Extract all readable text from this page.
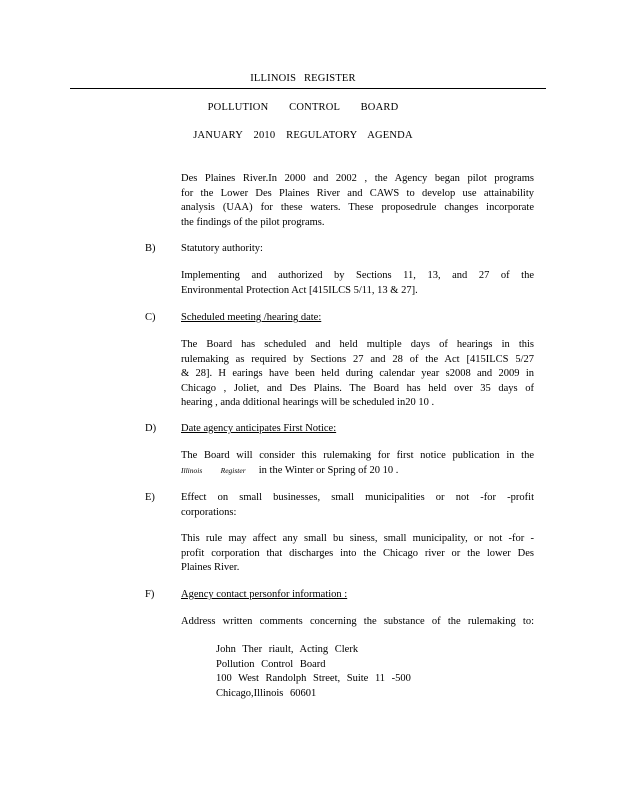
ILLINOIS REGISTER
POLLUTION CONTROL BOARD
JANUARY 2010 REGULATORY AGENDA
Des Plaines River.In 2000 and 2002 , the Agency began pilot programs
for the Lower Des Plaines River and CAWS to develop use attainability
analysis (UAA) for these waters. These proposedrule changes incorporate
the findings of the pilot programs.
B) Statutory authority:
Implementing and authorized by Sections 11, 13, and 27 of the
Environmental Protection Act [415ILCS 5/11, 13 & 27].
C) Scheduled meeting /hearing date:
The Board has scheduled and held multiple days of hearings in this
rulemaking as required by Sections 27 and 28 of the Act [415ILCS 5/27
& 28]. H earings have been held during calendar year s2008 and 2009 in
Chicago , Joliet, and Des Plains. The Board has held over 35 days of
hearing , anda dditional hearings will be scheduled in20 10 .
D) Date agency anticipates First Notice:
The Board will consider this rulemaking for first notice publication in the
Illinois Register in the Winter or Spring of 20 10 .
E) Effect on small businesses, small municipalities or not -for -profit
corporations:
This rule may affect any small bu siness, small municipality, or not -for -
profit corporation that discharges into the Chicago river or the lower Des
Plaines River.
F)	Agency contact personfor information :
Address written comments concerning the substance of the rulemaking to:
John Ther riault, Acting Clerk
Pollution Control Board
100 West Randolph Street, Suite 11 -500
Chicago,Illinois 60601
